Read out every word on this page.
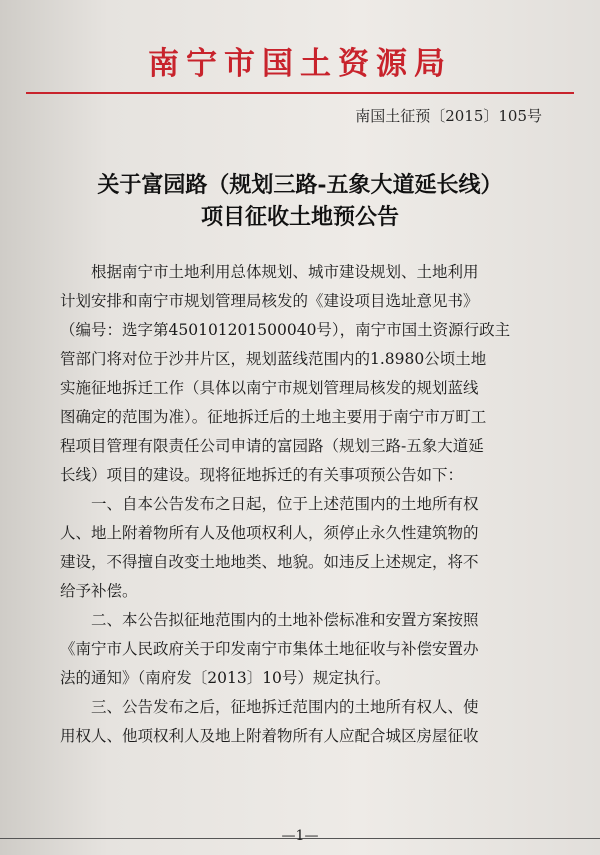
南宁市国土资源局
南国土征预〔2015〕105号
关于富园路（规划三路-五象大道延长线）
项目征收土地预公告
根据南宁市土地利用总体规划、城市建设规划、土地利用
计划安排和南宁市规划管理局核发的《建设项目选址意见书》
（编号：选字第450101201500040号），南宁市国土资源行政主
管部门将对位于沙井片区，规划蓝线范围内的1.8980公顷土地
实施征地拆迁工作（具体以南宁市规划管理局核发的规划蓝线
图确定的范围为准）。征地拆迁后的土地主要用于南宁市万町工
程项目管理有限责任公司申请的富园路（规划三路-五象大道延
长线）项目的建设。现将征地拆迁的有关事项预公告如下：
一、自本公告发布之日起，位于上述范围内的土地所有权
人、地上附着物所有人及他项权利人，须停止永久性建筑物的
建设，不得擅自改变土地地类、地貌。如违反上述规定，将不
给予补偿。
二、本公告拟征地范围内的土地补偿标准和安置方案按照
《南宁市人民政府关于印发南宁市集体土地征收与补偿安置办
法的通知》（南府发〔2013〕10号）规定执行。
三、公告发布之后，征地拆迁范围内的土地所有权人、使
用权人、他项权利人及地上附着物所有人应配合城区房屋征收
—1—
